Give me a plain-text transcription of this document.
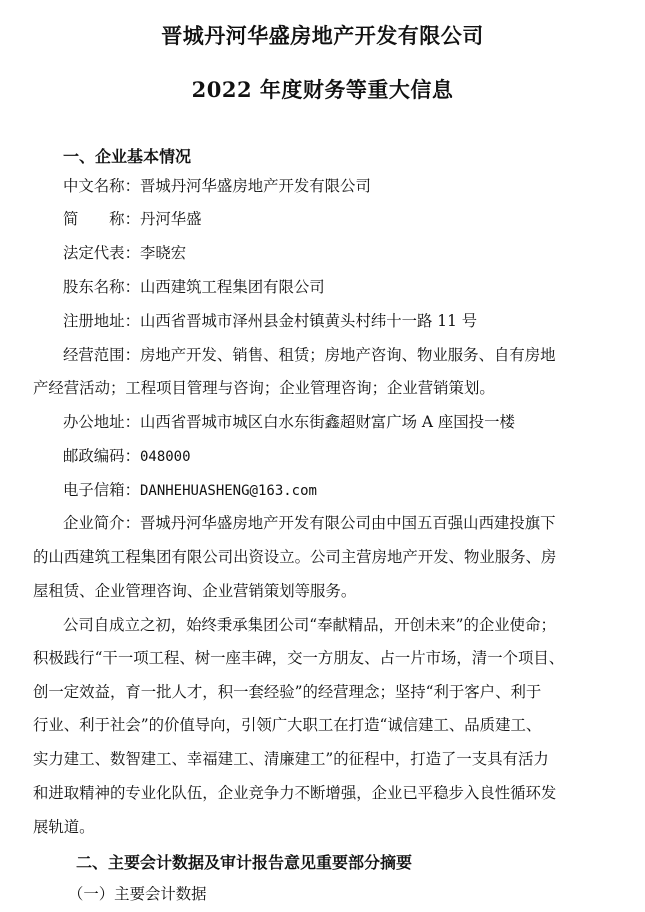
晋城丹河华盛房地产开发有限公司
2022 年度财务等重大信息
一、企业基本情况
中文名称：晋城丹河华盛房地产开发有限公司
简　　称：丹河华盛
法定代表：李晓宏
股东名称：山西建筑工程集团有限公司
注册地址：山西省晋城市泽州县金村镇黄头村纬十一路 11 号
经营范围：房地产开发、销售、租赁；房地产咨询、物业服务、自有房地
产经营活动；工程项目管理与咨询；企业管理咨询；企业营销策划。
办公地址：山西省晋城市城区白水东街鑫超财富广场 A 座国投一楼
邮政编码：048000
电子信箱：DANHEHUASHENG@163.com
企业简介：晋城丹河华盛房地产开发有限公司由中国五百强山西建投旗下
的山西建筑工程集团有限公司出资设立。公司主营房地产开发、物业服务、房
屋租赁、企业管理咨询、企业营销策划等服务。
公司自成立之初，始终秉承集团公司“奉献精品，开创未来”的企业使命；
积极践行“干一项工程、树一座丰碑，交一方朋友、占一片市场，清一个项目、
创一定效益，育一批人才，积一套经验”的经营理念；坚持“利于客户、利于
行业、利于社会”的价值导向，引领广大职工在打造“诚信建工、品质建工、
实力建工、数智建工、幸福建工、清廉建工”的征程中，打造了一支具有活力
和进取精神的专业化队伍，企业竞争力不断增强，企业已平稳步入良性循环发
展轨道。
二、主要会计数据及审计报告意见重要部分摘要
（一）主要会计数据
